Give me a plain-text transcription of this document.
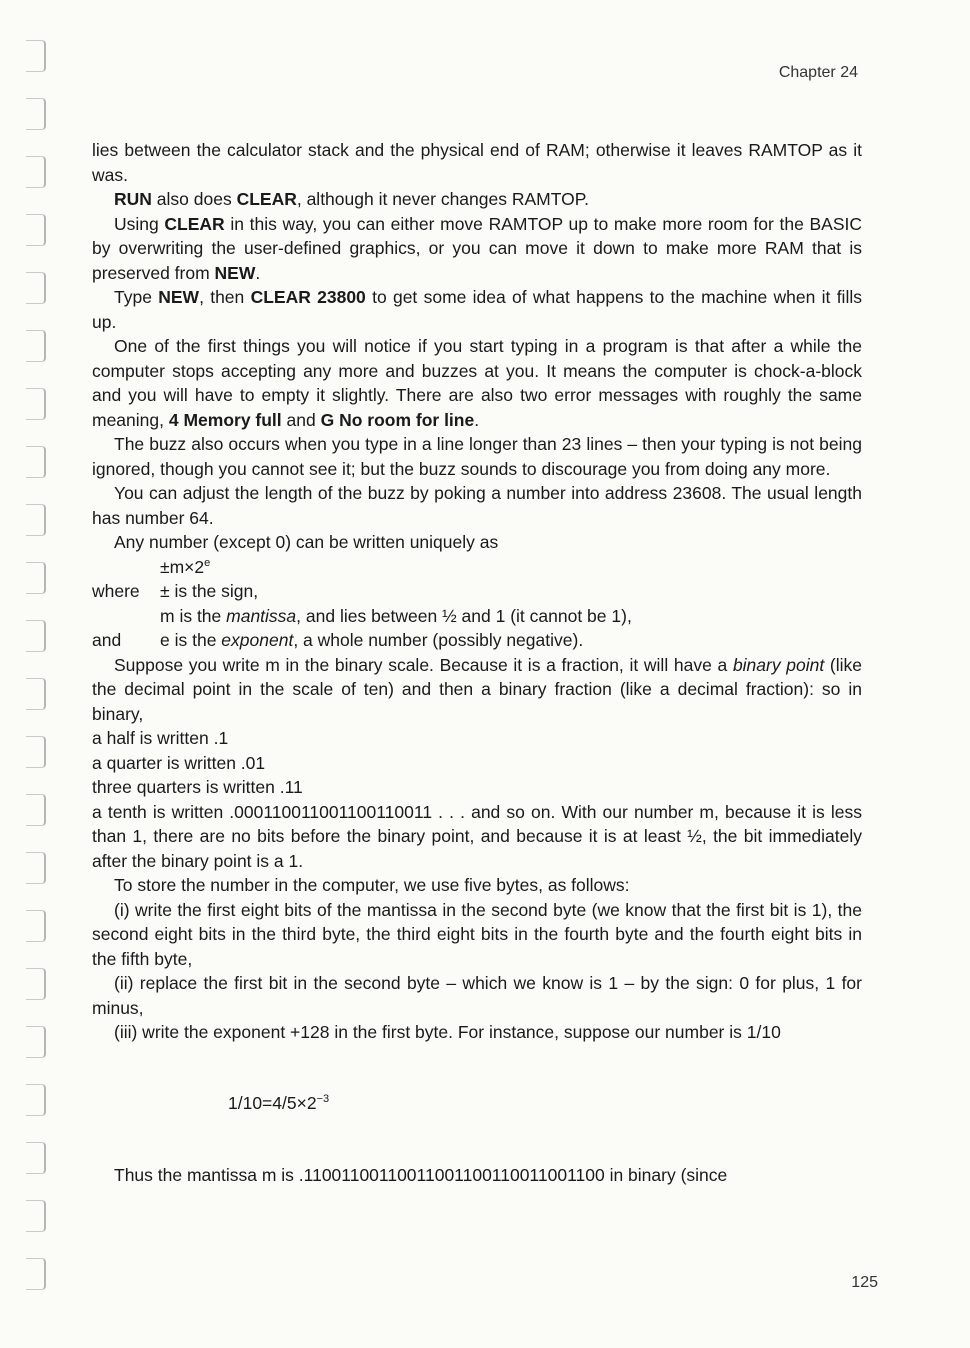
Chapter 24

lies between the calculator stack and the physical end of RAM; otherwise it leaves RAMTOP as it was.

RUN also does CLEAR, although it never changes RAMTOP.

Using CLEAR in this way, you can either move RAMTOP up to make more room for the BASIC by overwriting the user-defined graphics, or you can move it down to make more RAM that is preserved from NEW.

Type NEW, then CLEAR 23800 to get some idea of what happens to the machine when it fills up.

One of the first things you will notice if you start typing in a program is that after a while the computer stops accepting any more and buzzes at you. It means the computer is chock-a-block and you will have to empty it slightly. There are also two error messages with roughly the same meaning, 4 Memory full and G No room for line.

The buzz also occurs when you type in a line longer than 23 lines – then your typing is not being ignored, though you cannot see it; but the buzz sounds to discourage you from doing any more.

You can adjust the length of the buzz by poking a number into address 23608. The usual length has number 64.

Any number (except 0) can be written uniquely as

$\pm m\times 2^e$

where	± is the sign,
m is the mantissa, and lies between ½ and 1 (it cannot be 1),
and	e is the exponent, a whole number (possibly negative).

Suppose you write m in the binary scale. Because it is a fraction, it will have a binary point (like the decimal point in the scale of ten) and then a binary fraction (like a decimal fraction): so in binary,

a half is written .1

a quarter is written .01

three quarters is written .11

a tenth is written .000110011001100110011 . . . and so on. With our number m, because it is less than 1, there are no bits before the binary point, and because it is at least ½, the bit immediately after the binary point is a 1.

To store the number in the computer, we use five bytes, as follows:

(i) write the first eight bits of the mantissa in the second byte (we know that the first bit is 1), the second eight bits in the third byte, the third eight bits in the fourth byte and the fourth eight bits in the fifth byte,

(ii) replace the first bit in the second byte – which we know is 1 – by the sign: 0 for plus, 1 for minus,

(iii) write the exponent +128 in the first byte. For instance, suppose our number is 1/10

$1/10=4/5\times 2^{-3}$

Thus the mantissa m is .11001100110011001100110011001100 in binary (since

125
